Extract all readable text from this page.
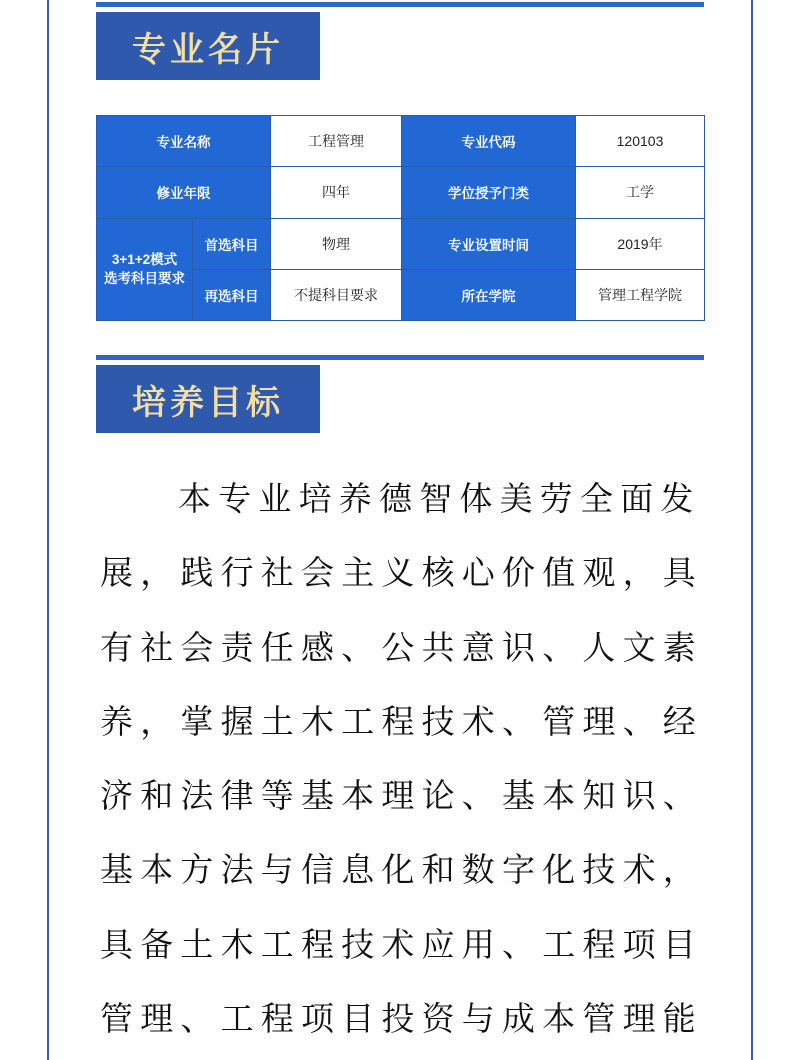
专业名片
专业名称		工程管理	专业代码	120103
修业年限		四年	学位授予门类	工学

3+1+2模式
选考科目要求	首选科目	物理	专业设置时间	2019年
	再选科目	不提科目要求	所在学院	管理工程学院
培养目标

本专业培养德智体美劳全面发展，践行社会主义核心价值观，具有社会责任感、公共意识、人文素养，掌握土木工程技术、管理、经济和法律等基本理论、基本知识、基本方法与信息化和数字化技术，具备土木工程技术应用、工程项目管理、工程项目投资与成本管理能
